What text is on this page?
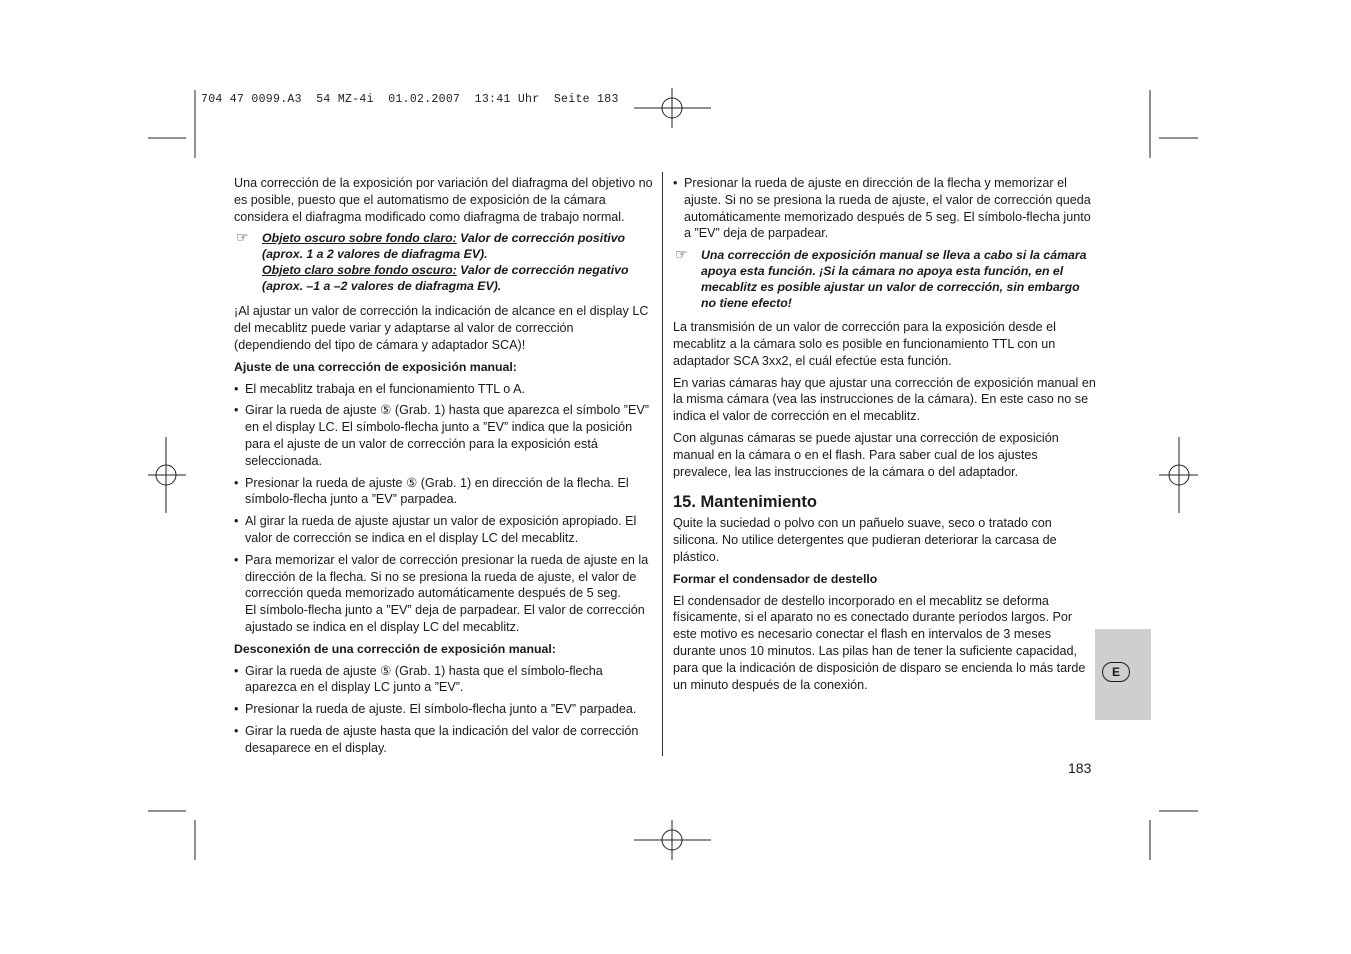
704 47 0099.A3  54 MZ-4i  01.02.2007  13:41 Uhr  Seite 183

Una corrección de la exposición por variación del diafragma del objetivo no es posible, puesto que el automatismo de exposición de la cámara considera el diafragma modificado como diafragma de trabajo normal.

☞ Objeto oscuro sobre fondo claro: Valor de corrección positivo (aprox. 1 a 2 valores de diafragma EV).
Objeto claro sobre fondo oscuro: Valor de corrección negativo (aprox. –1 a –2 valores de diafragma EV).

¡Al ajustar un valor de corrección la indicación de alcance en el display LC del mecablitz puede variar y adaptarse al valor de corrección (dependiendo del tipo de cámara y adaptador SCA)!

Ajuste de una corrección de exposición manual:
• El mecablitz trabaja en el funcionamiento TTL o A.
• Girar la rueda de ajuste ⑤ (Grab. 1) hasta que aparezca el símbolo ”EV” en el display LC. El símbolo-flecha junto a ”EV” indica que la posición para el ajuste de un valor de corrección para la exposición está seleccionada.
• Presionar la rueda de ajuste ⑤ (Grab. 1) en dirección de la flecha. El símbolo-flecha junto a ”EV” parpadea.
• Al girar la rueda de ajuste ajustar un valor de exposición apropiado. El valor de corrección se indica en el display LC del mecablitz.
• Para memorizar el valor de corrección presionar la rueda de ajuste en la dirección de la flecha. Si no se presiona la rueda de ajuste, el valor de corrección queda memorizado automáticamente después de 5 seg.
El símbolo-flecha junto a ”EV” deja de parpadear. El valor de corrección ajustado se indica en el display LC del mecablitz.
Desconexión de una corrección de exposición manual:
• Girar la rueda de ajuste ⑤ (Grab. 1) hasta que el símbolo-flecha aparezca en el display LC junto a ”EV”.
• Presionar la rueda de ajuste. El símbolo-flecha junto a ”EV” parpadea.
• Girar la rueda de ajuste hasta que la indicación del valor de corrección desaparece en el display.
• Presionar la rueda de ajuste en dirección de la flecha y memorizar el ajuste. Si no se presiona la rueda de ajuste, el valor de corrección queda automáticamente memorizado después de 5 seg. El símbolo-flecha junto a ”EV” deja de parpadear.
☞ Una corrección de exposición manual se lleva a cabo si la cámara apoya esta función. ¡Si la cámara no apoya esta función, en el mecablitz es posible ajustar un valor de corrección, sin embargo no tiene efecto!

La transmisión de un valor de corrección para la exposición desde el mecablitz a la cámara solo es posible en funcionamiento TTL con un adaptador SCA 3xx2, el cuál efectúe esta función.

En varias cámaras hay que ajustar una corrección de exposición manual en la misma cámara (vea las instrucciones de la cámara). En este caso no se indica el valor de corrección en el mecablitz.

Con algunas cámaras se puede ajustar una corrección de exposición manual en la cámara o en el flash. Para saber cual de los ajustes prevalece, lea las instrucciones de la cámara o del adaptador.

15. Mantenimiento

Quite la suciedad o polvo con un pañuelo suave, seco o tratado con silicona. No utilice detergentes que pudieran deteriorar la carcasa de plástico.

Formar el condensador de destello

El condensador de destello incorporado en el mecablitz se deforma físicamente, si el aparato no es conectado durante períodos largos. Por este motivo es necesario conectar el flash en intervalos de 3 meses durante unos 10 minutos. Las pilas han de tener la suficiente capacidad, para que la indicación de disposición de disparo se encienda lo más tarde un minuto después de la conexión.

E
183
